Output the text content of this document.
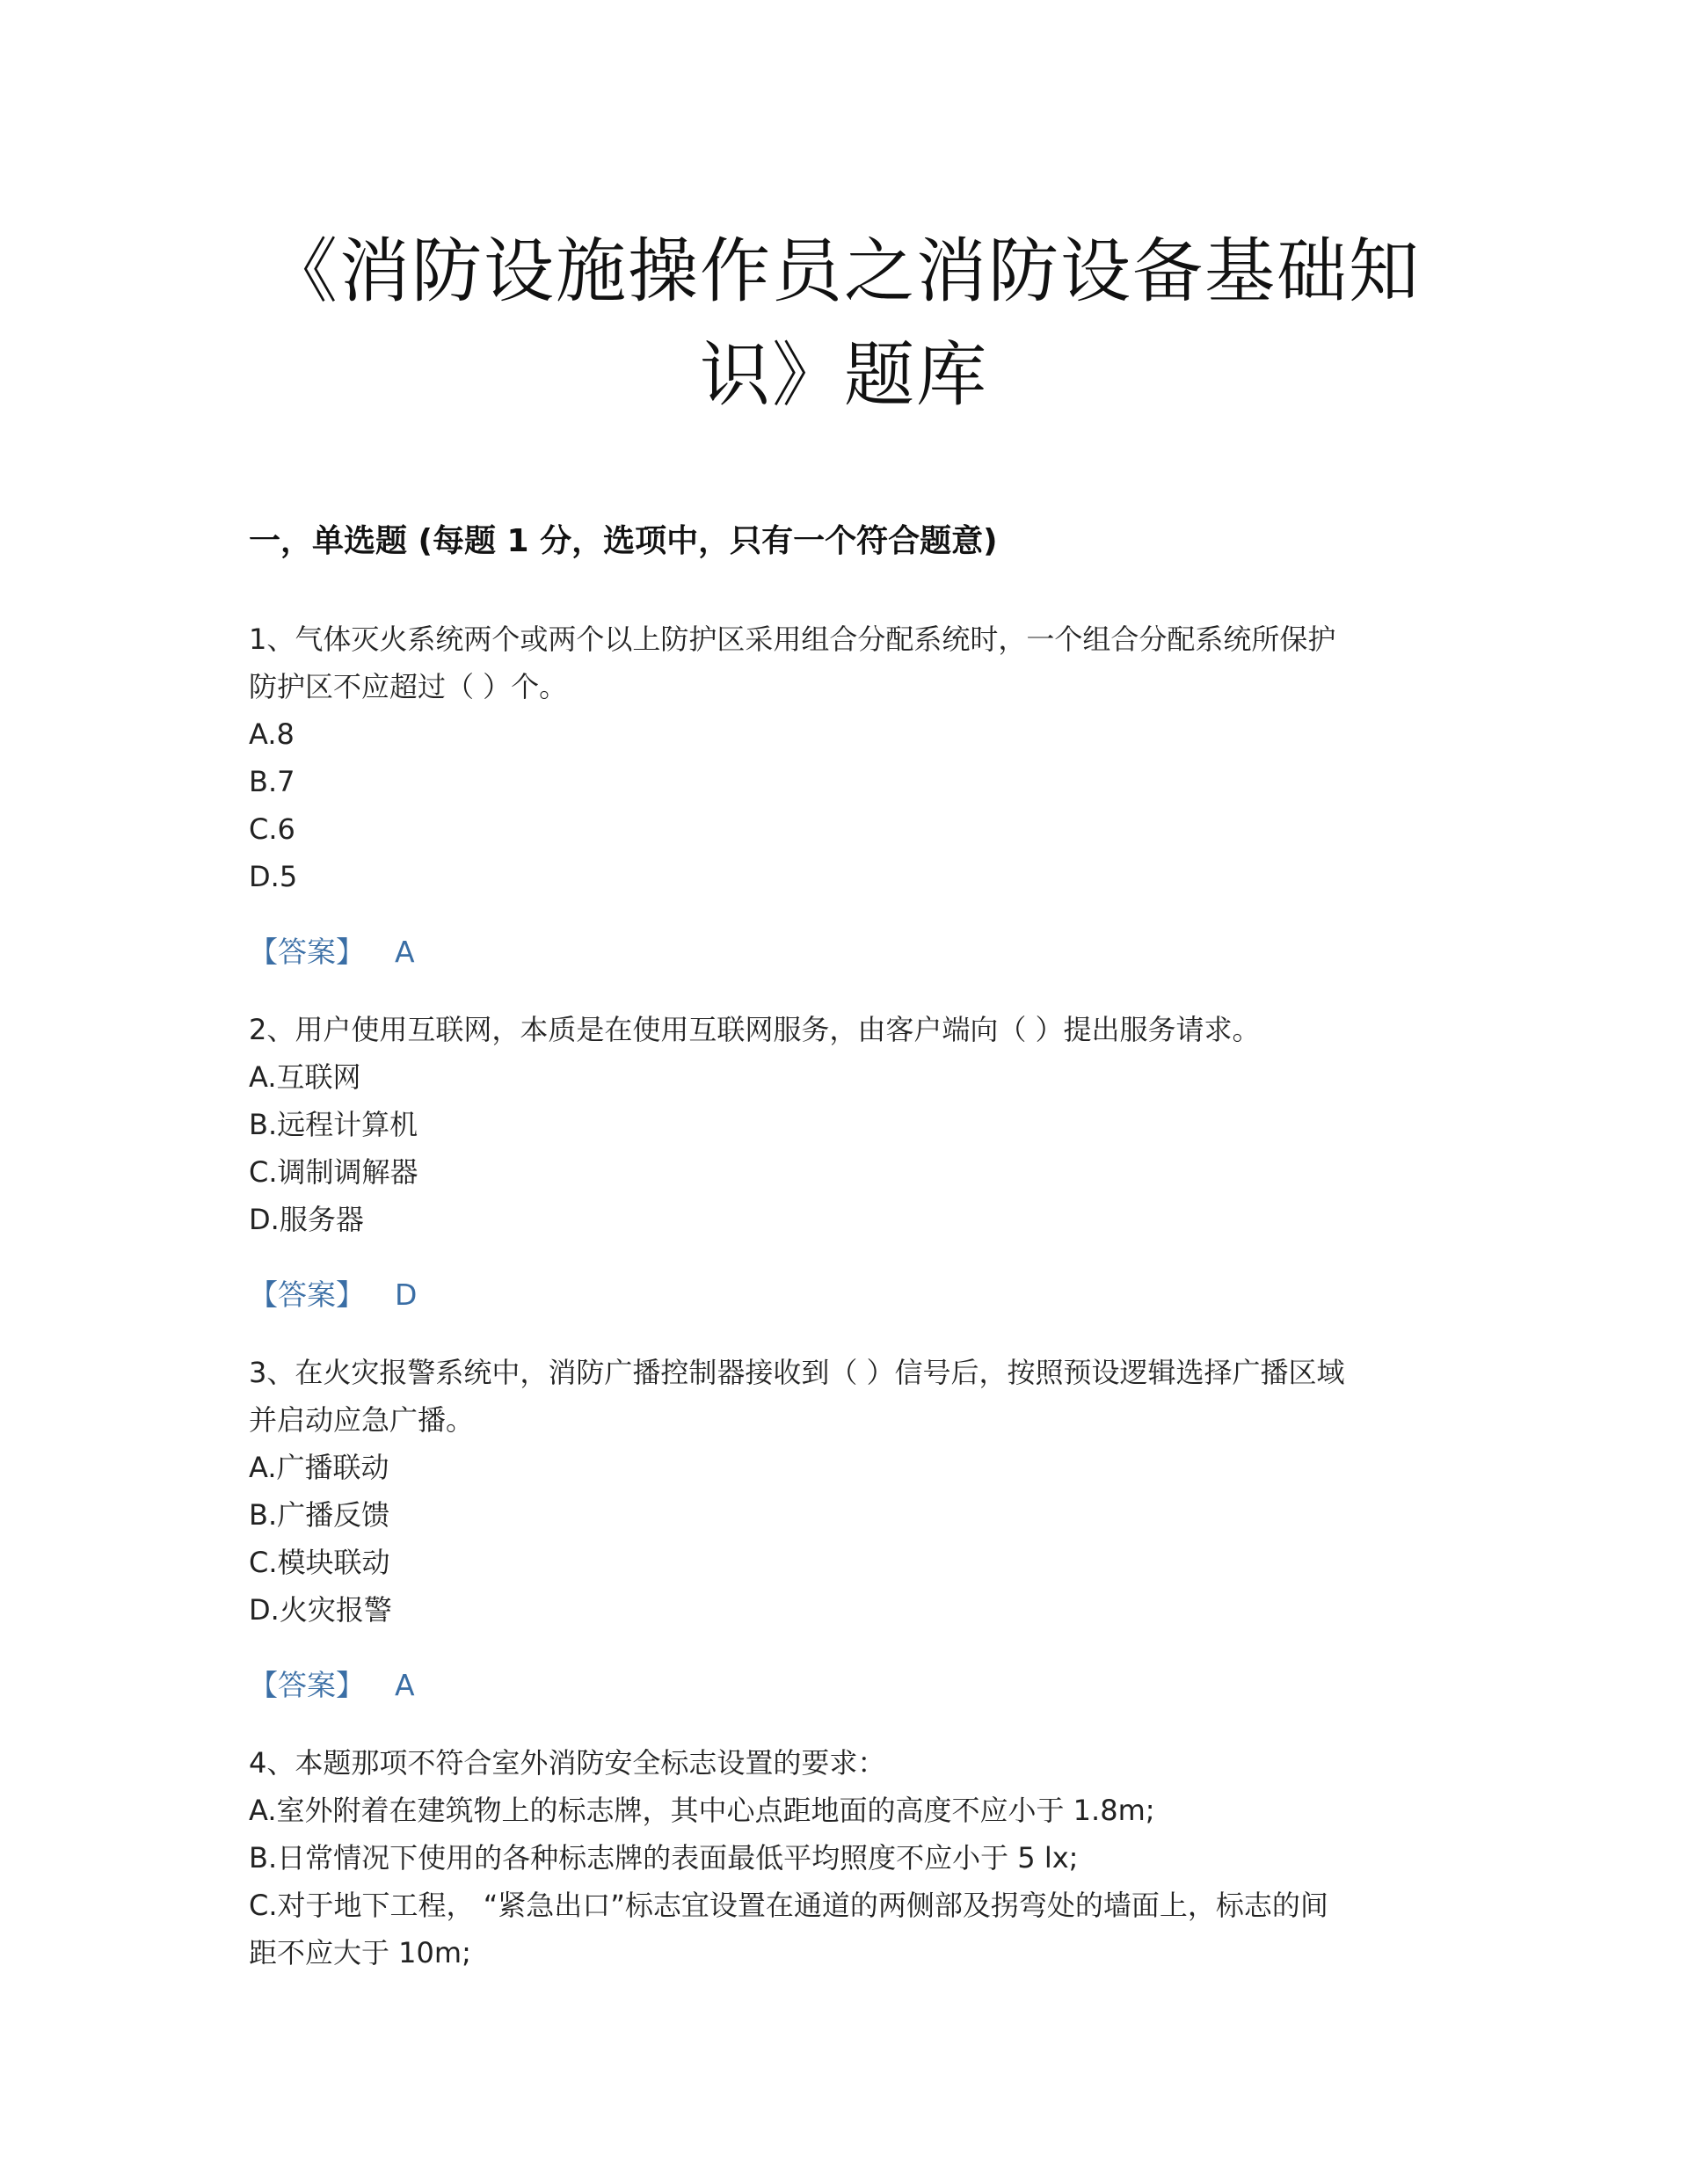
《消防设施操作员之消防设备基础知
识》题库
一，单选题 (每题 1 分，选项中，只有一个符合题意)

1、气体灭火系统两个或两个以上防护区采用组合分配系统时，一个组合分配系统所保护
防护区不应超过（ ）个。

A.8

B.7

C.6

D.5

【答案】 A

2、用户使用互联网，本质是在使用互联网服务，由客户端向（ ）提出服务请求。

A.互联网

B.远程计算机

C.调制调解器

D.服务器

【答案】 D

3、在火灾报警系统中，消防广播控制器接收到（ ）信号后，按照预设逻辑选择广播区域
并启动应急广播。

A.广播联动

B.广播反馈

C.模块联动

D.火灾报警

【答案】 A

4、本题那项不符合室外消防安全标志设置的要求：

A.室外附着在建筑物上的标志牌，其中心点距地面的高度不应小于 1.8m;

B.日常情况下使用的各种标志牌的表面最低平均照度不应小于 5 lx;

C.对于地下工程， “紧急出口”标志宜设置在通道的两侧部及拐弯处的墙面上，标志的间
距不应大于 10m;
